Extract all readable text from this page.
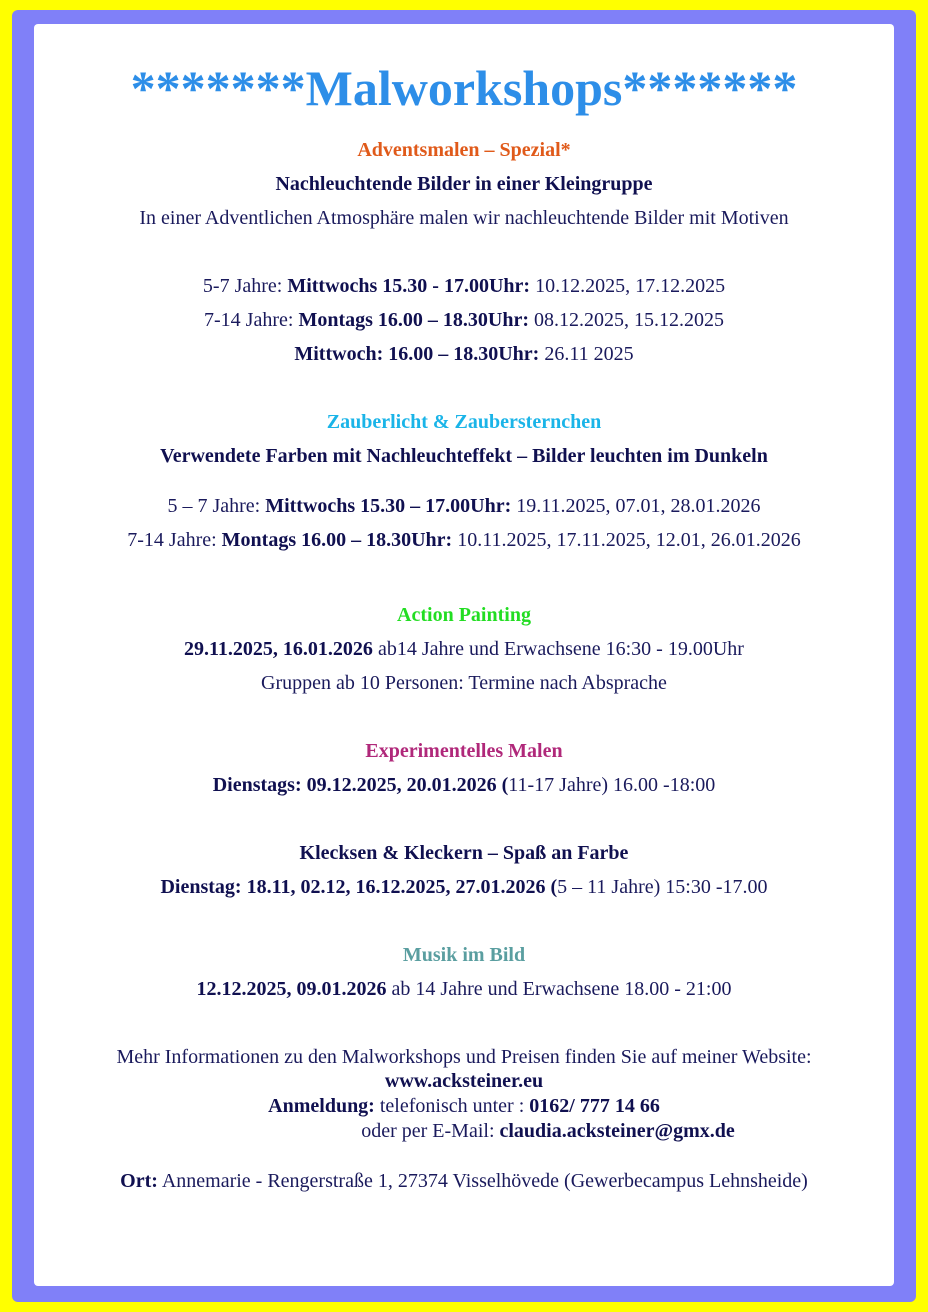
*******Malworkshops*******
Adventsmalen – Spezial*
Nachleuchtende Bilder in einer Kleingruppe
In einer Adventlichen Atmosphäre malen wir nachleuchtende Bilder mit Motiven
5-7 Jahre: Mittwochs 15.30 - 17.00Uhr: 10.12.2025, 17.12.2025
7-14 Jahre: Montags 16.00 – 18.30Uhr: 08.12.2025, 15.12.2025
Mittwoch: 16.00 – 18.30Uhr: 26.11 2025
Zauberlicht & Zaubersternchen
Verwendete Farben mit Nachleuchteffekt – Bilder leuchten im Dunkeln
5 – 7 Jahre: Mittwochs 15.30 – 17.00Uhr: 19.11.2025, 07.01, 28.01.2026
7-14 Jahre: Montags 16.00 – 18.30Uhr: 10.11.2025, 17.11.2025, 12.01, 26.01.2026
Action Painting
29.11.2025, 16.01.2026 ab14 Jahre und Erwachsene 16:30 - 19.00Uhr
Gruppen ab 10 Personen: Termine nach Absprache
Experimentelles Malen
Dienstags: 09.12.2025, 20.01.2026 (11-17 Jahre) 16.00 -18:00
Klecksen & Kleckern – Spaß an Farbe
Dienstag: 18.11, 02.12, 16.12.2025, 27.01.2026 (5 – 11 Jahre) 15:30 -17.00
Musik im Bild
12.12.2025, 09.01.2026 ab 14 Jahre und Erwachsene 18.00 - 21:00
Mehr Informationen zu den Malworkshops und Preisen finden Sie auf meiner Website:
www.acksteiner.eu
Anmeldung: telefonisch unter : 0162/ 777 14 66
oder per E-Mail: claudia.acksteiner@gmx.de
Ort: Annemarie - Rengerstraße 1, 27374 Visselhövede (Gewerbecampus Lehnsheide)
